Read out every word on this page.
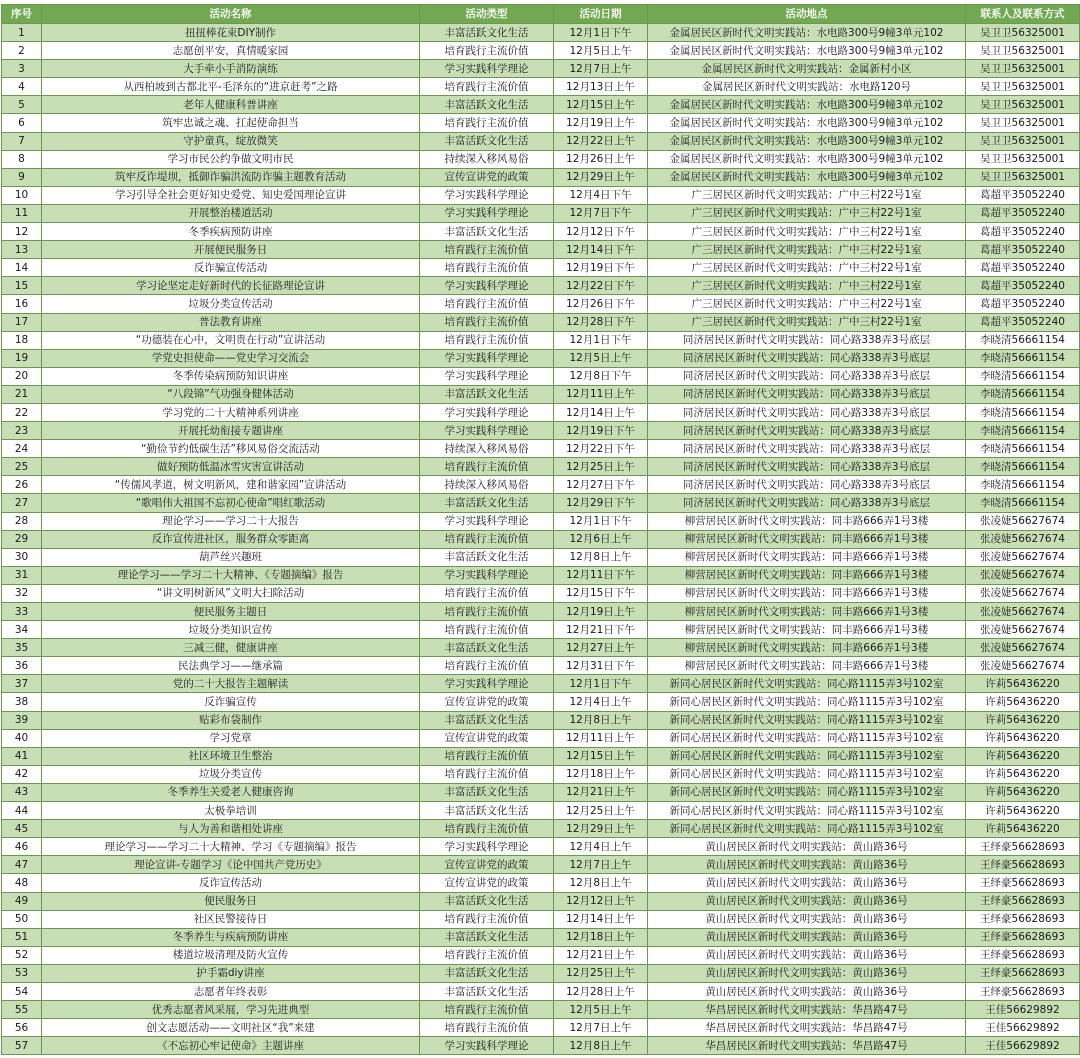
序号	活动名称	活动类型	活动日期	活动地点	联系人及联系方式
1	扭扭棒花束DIY制作	丰富活跃文化生活	12月1日下午	金属居民区新时代文明实践站：水电路300号9幢3单元102	吴卫卫56325001
2	志愿创平安，真情暖家园	培育践行主流价值	12月5日上午	金属居民区新时代文明实践站：水电路300号9幢3单元102	吴卫卫56325001
3	大手牵小手消防演练	学习实践科学理论	12月7日上午	金属居民区新时代文明实践站：金属新村小区	吴卫卫56325001
4	从西柏坡到古都北平-毛泽东的“进京赶考”之路	培育践行主流价值	12月13日上午	金属居民区新时代文明实践站：水电路120号	吴卫卫56325001
5	老年人健康科普讲座	丰富活跃文化生活	12月15日上午	金属居民区新时代文明实践站：水电路300号9幢3单元102	吴卫卫56325001
6	筑牢忠诚之魂、扛起使命担当	培育践行主流价值	12月19日上午	金属居民区新时代文明实践站：水电路300号9幢3单元102	吴卫卫56325001
7	守护童真，绽放微笑	丰富活跃文化生活	12月22日上午	金属居民区新时代文明实践站：水电路300号9幢3单元102	吴卫卫56325001
8	学习市民公约争做文明市民	持续深入移风易俗	12月26日上午	金属居民区新时代文明实践站：水电路300号9幢3单元102	吴卫卫56325001
9	筑牢反诈堤坝，抵御诈骗洪流防诈骗主题教育活动	宣传宣讲党的政策	12月29日上午	金属居民区新时代文明实践站：水电路300号9幢3单元102	吴卫卫56325001
10	学习引导全社会更好知史爱党、知史爱国理论宣讲	学习实践科学理论	12月4日下午	广三居民区新时代文明实践站：广中三村22号1室	葛超平35052240
11	开展整治楼道活动	学习实践科学理论	12月7日下午	广三居民区新时代文明实践站：广中三村22号1室	葛超平35052240
12	冬季疾病预防讲座	丰富活跃文化生活	12月12日下午	广三居民区新时代文明实践站：广中三村22号1室	葛超平35052240
13	开展便民服务日	培育践行主流价值	12月14日下午	广三居民区新时代文明实践站：广中三村22号1室	葛超平35052240
14	反诈骗宣传活动	培育践行主流价值	12月19日下午	广三居民区新时代文明实践站：广中三村22号1室	葛超平35052240
15	学习论坚定走好新时代的长征路理论宣讲	学习实践科学理论	12月22日下午	广三居民区新时代文明实践站：广中三村22号1室	葛超平35052240
16	垃圾分类宣传活动	培育践行主流价值	12月26日下午	广三居民区新时代文明实践站：广中三村22号1室	葛超平35052240
17	普法教育讲座	培育践行主流价值	12月28日下午	广三居民区新时代文明实践站：广中三村22号1室	葛超平35052240
18	“功德装在心中，文明贵在行动”宣讲活动	培育践行主流价值	12月1日下午	同济居民区新时代文明实践站：同心路338弄3号底层	李晓清56661154
19	学党史担使命——党史学习交流会	学习实践科学理论	12月5日上午	同济居民区新时代文明实践站：同心路338弄3号底层	李晓清56661154
20	冬季传染病预防知识讲座	学习实践科学理论	12月8日下午	同济居民区新时代文明实践站：同心路338弄3号底层	李晓清56661154
21	“八段锦”气功强身健体活动	丰富活跃文化生活	12月11日上午	同济居民区新时代文明实践站：同心路338弄3号底层	李晓清56661154
22	学习党的二十大精神系列讲座	学习实践科学理论	12月14日上午	同济居民区新时代文明实践站：同心路338弄3号底层	李晓清56661154
23	开展托幼衔接专题讲座	学习实践科学理论	12月19日下午	同济居民区新时代文明实践站：同心路338弄3号底层	李晓清56661154
24	“勤俭节约低碳生活”移风易俗交流活动	持续深入移风易俗	12月22日下午	同济居民区新时代文明实践站：同心路338弄3号底层	李晓清56661154
25	做好预防低温冰雪灾害宣讲活动	培育践行主流价值	12月25日上午	同济居民区新时代文明实践站：同心路338弄3号底层	李晓清56661154
26	“传儒风孝道，树文明新风，建和谐家园”宣讲活动	持续深入移风易俗	12月27日下午	同济居民区新时代文明实践站：同心路338弄3号底层	李晓清56661154
27	“歌唱伟大祖国不忘初心使命”唱红歌活动	丰富活跃文化生活	12月29日下午	同济居民区新时代文明实践站：同心路338弄3号底层	李晓清56661154
28	理论学习——学习二十大报告	学习实践科学理论	12月1日下午	柳营居民区新时代文明实践站：同丰路666弄1号3楼	张凌婕56627674
29	反诈宣传进社区，服务群众零距离	培育践行主流价值	12月6日上午	柳营居民区新时代文明实践站：同丰路666弄1号3楼	张凌婕56627674
30	葫芦丝兴趣班	丰富活跃文化生活	12月8日上午	柳营居民区新时代文明实践站：同丰路666弄1号3楼	张凌婕56627674
31	理论学习——学习二十大精神、《专题摘编》报告	学习实践科学理论	12月11日下午	柳营居民区新时代文明实践站：同丰路666弄1号3楼	张凌婕56627674
32	“讲文明树新风”文明大扫除活动	培育践行主流价值	12月15日下午	柳营居民区新时代文明实践站：同丰路666弄1号3楼	张凌婕56627674
33	便民服务主题日	培育践行主流价值	12月19日上午	柳营居民区新时代文明实践站：同丰路666弄1号3楼	张凌婕56627674
34	垃圾分类知识宣传	培育践行主流价值	12月21日下午	柳营居民区新时代文明实践站：同丰路666弄1号3楼	张凌婕56627674
35	三减三健，健康讲座	丰富活跃文化生活	12月27日上午	柳营居民区新时代文明实践站：同丰路666弄1号3楼	张凌婕56627674
36	民法典学习——继承篇	培育践行主流价值	12月31日下午	柳营居民区新时代文明实践站：同丰路666弄1号3楼	张凌婕56627674
37	党的二十大报告主题解读	学习实践科学理论	12月1日下午	新同心居民区新时代文明实践站：同心路1115弄3号102室	许莉56436220
38	反诈骗宣传	宣传宣讲党的政策	12月4日上午	新同心居民区新时代文明实践站：同心路1115弄3号102室	许莉56436220
39	贴彩布袋制作	丰富活跃文化生活	12月8日上午	新同心居民区新时代文明实践站：同心路1115弄3号102室	许莉56436220
40	学习党章	宣传宣讲党的政策	12月11日上午	新同心居民区新时代文明实践站：同心路1115弄3号102室	许莉56436220
41	社区环境卫生整治	培育践行主流价值	12月15日上午	新同心居民区新时代文明实践站：同心路1115弄3号102室	许莉56436220
42	垃圾分类宣传	培育践行主流价值	12月18日上午	新同心居民区新时代文明实践站：同心路1115弄3号102室	许莉56436220
43	冬季养生关爱老人健康咨询	丰富活跃文化生活	12月21日上午	新同心居民区新时代文明实践站：同心路1115弄3号102室	许莉56436220
44	太极拳培训	丰富活跃文化生活	12月25日上午	新同心居民区新时代文明实践站：同心路1115弄3号102室	许莉56436220
45	与人为善和谐相处讲座	培育践行主流价值	12月29日上午	新同心居民区新时代文明实践站：同心路1115弄3号102室	许莉56436220
46	理论学习——学习二十大精神、学习《专题摘编》报告	学习实践科学理论	12月4日上午	黄山居民区新时代文明实践站：黄山路36号	王绎豪56628693
47	理论宣讲-专题学习《论中国共产党历史》	宣传宣讲党的政策	12月7日上午	黄山居民区新时代文明实践站：黄山路36号	王绎豪56628693
48	反诈宣传活动	宣传宣讲党的政策	12月8日上午	黄山居民区新时代文明实践站：黄山路36号	王绎豪56628693
49	便民服务日	丰富活跃文化生活	12月12日上午	黄山居民区新时代文明实践站：黄山路36号	王绎豪56628693
50	社区民警接待日	培育践行主流价值	12月14日上午	黄山居民区新时代文明实践站：黄山路36号	王绎豪56628693
51	冬季养生与疾病预防讲座	丰富活跃文化生活	12月18日上午	黄山居民区新时代文明实践站：黄山路36号	王绎豪56628693
52	楼道垃圾清理及防火宣传	培育践行主流价值	12月21日上午	黄山居民区新时代文明实践站：黄山路36号	王绎豪56628693
53	护手霜diy讲座	丰富活跃文化生活	12月25日上午	黄山居民区新时代文明实践站：黄山路36号	王绎豪56628693
54	志愿者年终表彰	丰富活跃文化生活	12月28日上午	黄山居民区新时代文明实践站：黄山路36号	王绎豪56628693
55	优秀志愿者风采展，学习先进典型	培育践行主流价值	12月5日上午	华昌居民区新时代文明实践站：华昌路47号	王佳56629892
56	创文志愿活动——文明社区“我”来建	培育践行主流价值	12月7日上午	华昌居民区新时代文明实践站：华昌路47号	王佳56629892
57	《不忘初心牢记使命》主题讲座	学习实践科学理论	12月8日上午	华昌居民区新时代文明实践站：华昌路47号	王佳56629892
